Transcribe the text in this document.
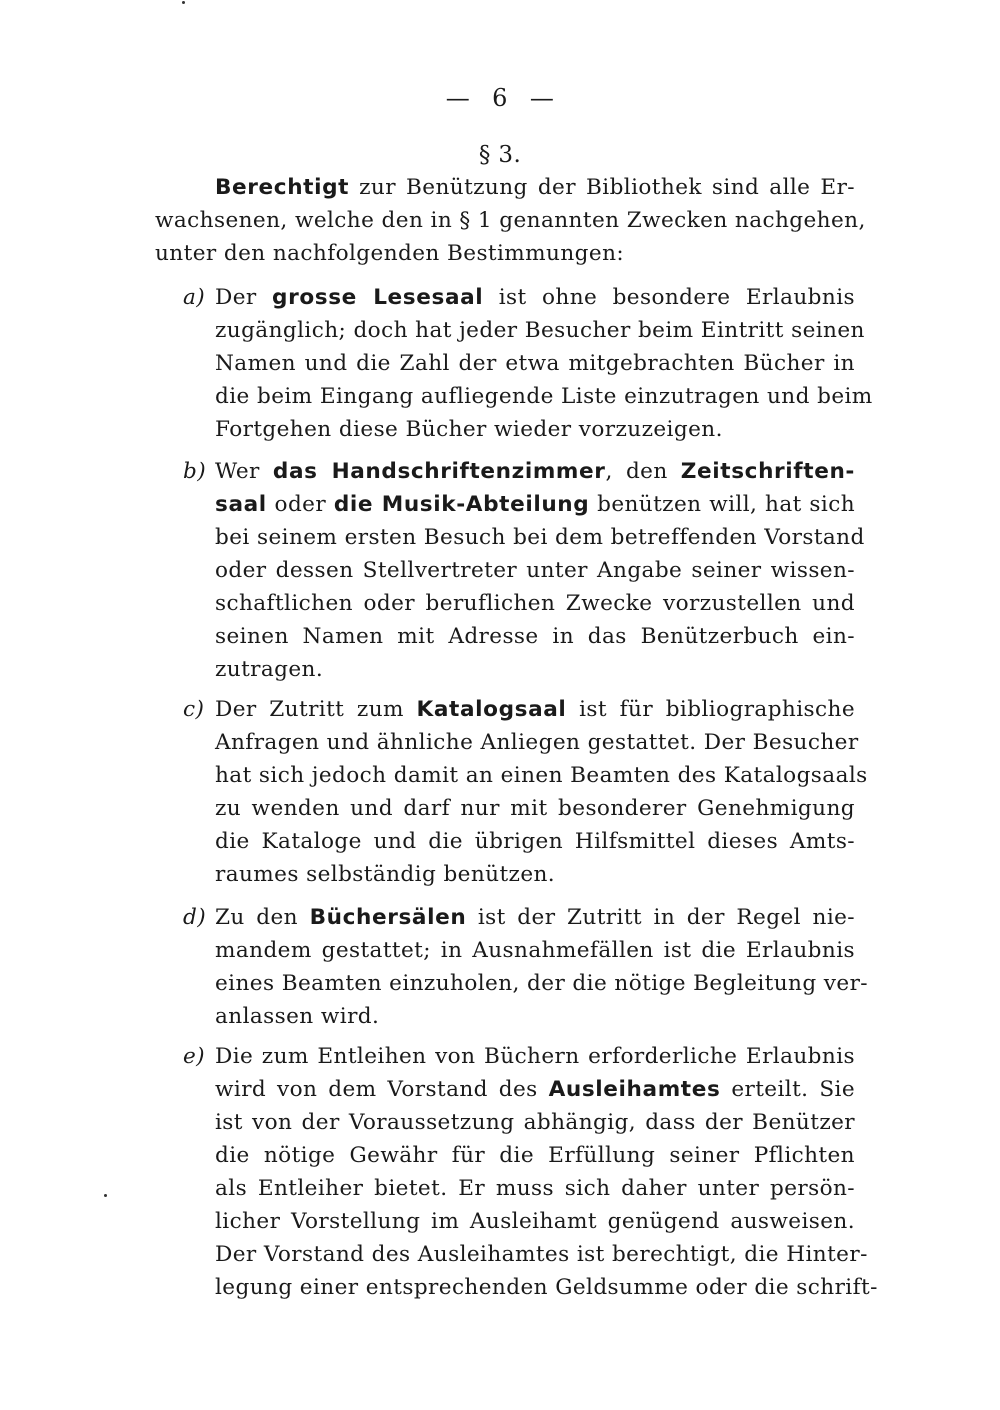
— 6 —
§ 3.
Berechtigt zur Benützung der Bibliothek sind alle Er-
wachsenen, welche den in § 1 genannten Zwecken nachgehen,
unter den nachfolgenden Bestimmungen:
a) Der grosse Lesesaal ist ohne besondere Erlaubnis
zugänglich; doch hat jeder Besucher beim Eintritt seinen
Namen und die Zahl der etwa mitgebrachten Bücher in
die beim Eingang aufliegende Liste einzutragen und beim
Fortgehen diese Bücher wieder vorzuzeigen.
b) Wer das Handschriftenzimmer, den Zeitschriften-
saal oder die Musik-Abteilung benützen will, hat sich
bei seinem ersten Besuch bei dem betreffenden Vorstand
oder dessen Stellvertreter unter Angabe seiner wissen-
schaftlichen oder beruflichen Zwecke vorzustellen und
seinen Namen mit Adresse in das Benützerbuch ein-
zutragen.
c) Der Zutritt zum Katalogsaal ist für bibliographische
Anfragen und ähnliche Anliegen gestattet. Der Besucher
hat sich jedoch damit an einen Beamten des Katalogsaals
zu wenden und darf nur mit besonderer Genehmigung
die Kataloge und die übrigen Hilfsmittel dieses Amts-
raumes selbständig benützen.
d) Zu den Büchersälen ist der Zutritt in der Regel nie-
mandem gestattet; in Ausnahmefällen ist die Erlaubnis
eines Beamten einzuholen, der die nötige Begleitung ver-
anlassen wird.
e) Die zum Entleihen von Büchern erforderliche Erlaubnis
wird von dem Vorstand des Ausleihamtes erteilt. Sie
ist von der Voraussetzung abhängig, dass der Benützer
die nötige Gewähr für die Erfüllung seiner Pflichten
als Entleiher bietet. Er muss sich daher unter persön-
licher Vorstellung im Ausleihamt genügend ausweisen.
Der Vorstand des Ausleihamtes ist berechtigt, die Hinter-
legung einer entsprechenden Geldsumme oder die schrift-
